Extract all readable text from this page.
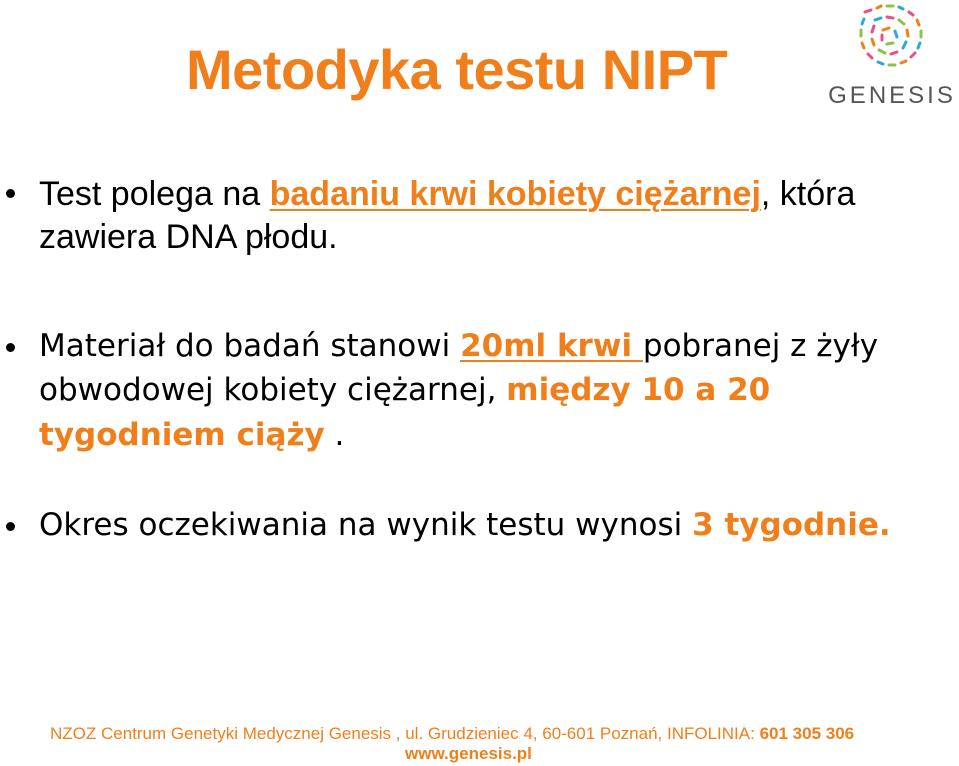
Metodyka testu NIPT	GENESIS
Test polega na badaniu krwi kobiety ciężarnej, która
zawiera DNA płodu.
Materiał do badań stanowi 20ml krwi pobranej z żyły
obwodowej kobiety ciężarnej, między 10 a 20
tygodniem ciąży .
Okres oczekiwania na wynik testu wynosi 3 tygodnie.
NZOZ Centrum Genetyki Medycznej Genesis , ul. Grudzieniec 4, 60-601 Poznań, INFOLINIA: 601 305 306
www.genesis.pl
